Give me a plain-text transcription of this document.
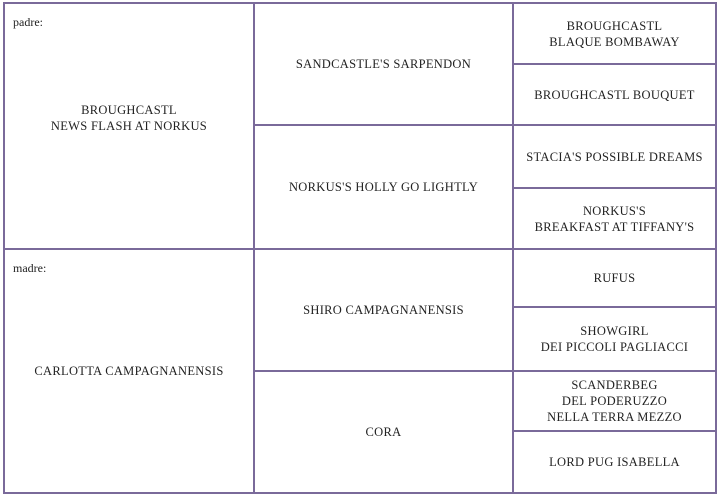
padre:
BROUGHCASTL
NEWS FLASH AT NORKUS
madre:
CARLOTTA CAMPAGNANENSIS
SANDCASTLE'S SARPENDON
NORKUS'S HOLLY GO LIGHTLY
SHIRO CAMPAGNANENSIS
CORA
BROUGHCASTL
BLAQUE BOMBAWAY
BROUGHCASTL BOUQUET
STACIA'S POSSIBLE DREAMS
NORKUS'S
BREAKFAST AT TIFFANY'S
RUFUS
SHOWGIRL
DEI PICCOLI PAGLIACCI
SCANDERBEG
DEL PODERUZZO
NELLA TERRA MEZZO
LORD PUG ISABELLA
